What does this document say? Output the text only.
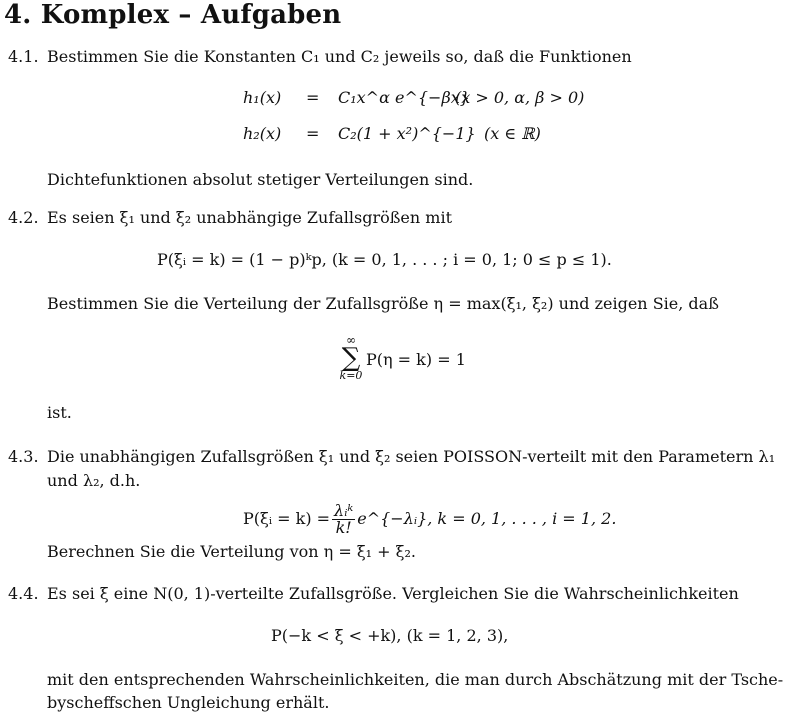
4. Komplex – Aufgaben
4.1. Bestimmen Sie die Konstanten C₁ und C₂ jeweils so, daß die Funktionen
h₁(x) = C₁x^α e^{−βx}
(x > 0, α, β > 0)
h₂(x) = C₂(1 + x²)^{−1} (x ∈ ℝ)
Dichtefunktionen absolut stetiger Verteilungen sind.
4.2. Es seien ξ₁ und ξ₂ unabhängige Zufallsgrößen mit
P(ξᵢ = k) = (1 − p)ᵏp, (k = 0, 1, . . . ; i = 0, 1; 0 ≤ p ≤ 1).
Bestimmen Sie die Verteilung der Zufallsgröße η = max(ξ₁, ξ₂) und zeigen Sie, daß
∞
∑
k=0
P(η = k) = 1
ist.
4.3. Die unabhängigen Zufallsgrößen ξ₁ und ξ₂ seien POISSON-verteilt mit den Parametern λ₁
und λ₂, d.h.
P(ξᵢ = $k) = \frac{\text{λᵢᵏ}}{k!}$ e^{−λᵢ}, k = 0, 1, . . . , i = 1, 2.
Berechnen Sie die Verteilung von η = ξ₁ + ξ₂.
4.4. Es sei ξ eine N(0, 1)-verteilte Zufallsgröße. Vergleichen Sie die Wahrscheinlichkeiten
P(−k < ξ < +k), (k = 1, 2, 3),
mit den entsprechenden Wahrscheinlichkeiten, die man durch Abschätzung mit der Tsche-
byscheffschen Ungleichung erhält.
